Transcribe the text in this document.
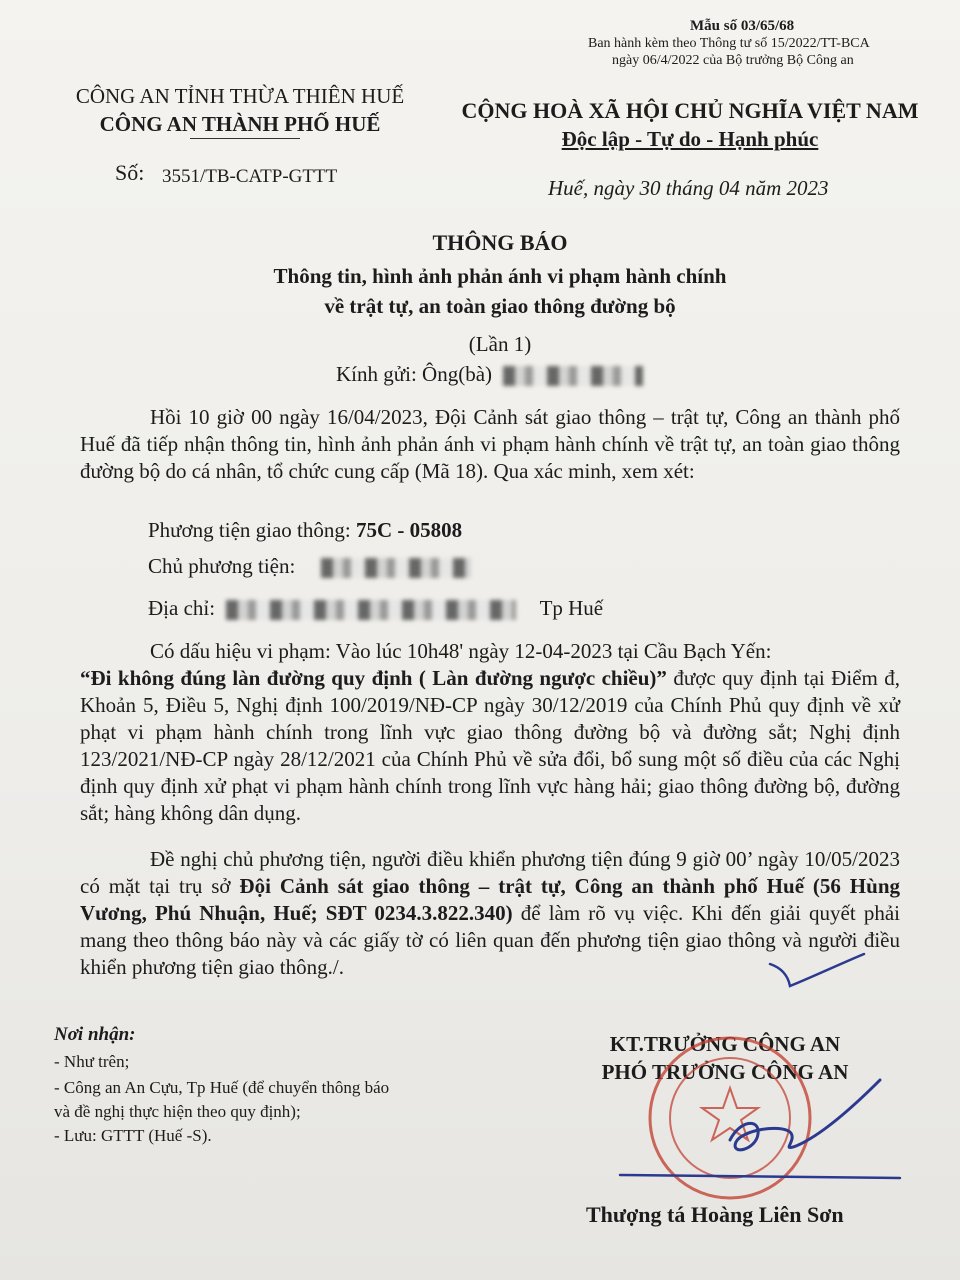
Mẫu số 03/65/68
Ban hành kèm theo Thông tư số 15/2022/TT-BCA
ngày 06/4/2022 của Bộ trưởng Bộ Công an
CÔNG AN TỈNH THỪA THIÊN HUẾ
CÔNG AN THÀNH PHỐ HUẾ
Số: 3551/TB-CATP-GTTT
CỘNG HOÀ XÃ HỘI CHỦ NGHĨA VIỆT NAM
Độc lập - Tự do - Hạnh phúc
Huế, ngày 30 tháng 04 năm 2023
THÔNG BÁO
Thông tin, hình ảnh phản ánh vi phạm hành chính
về trật tự, an toàn giao thông đường bộ
(Lần 1)
Kính gửi: Ông(bà)
Hồi 10 giờ 00 ngày 16/04/2023, Đội Cảnh sát giao thông – trật tự, Công an thành phố Huế đã tiếp nhận thông tin, hình ảnh phản ánh vi phạm hành chính về trật tự, an toàn giao thông đường bộ do cá nhân, tổ chức cung cấp (Mã 18). Qua xác minh, xem xét:
Phương tiện giao thông: 75C - 05808
Chủ phương tiện:
Địa chỉ:	Tp Huế
Có dấu hiệu vi phạm: Vào lúc 10h48' ngày 12-04-2023 tại Cầu Bạch Yến:
“Đi không đúng làn đường quy định ( Làn đường ngược chiều)” được quy định tại Điểm đ, Khoản 5, Điều 5, Nghị định 100/2019/NĐ-CP ngày 30/12/2019 của Chính Phủ quy định về xử phạt vi phạm hành chính trong lĩnh vực giao thông đường bộ và đường sắt; Nghị định 123/2021/NĐ-CP ngày 28/12/2021 của Chính Phủ về sửa đổi, bổ sung một số điều của các Nghị định quy định xử phạt vi phạm hành chính trong lĩnh vực hàng hải; giao thông đường bộ, đường sắt; hàng không dân dụng.
Đề nghị chủ phương tiện, người điều khiển phương tiện đúng 9 giờ 00’ ngày 10/05/2023 có mặt tại trụ sở Đội Cảnh sát giao thông – trật tự, Công an thành phố Huế (56 Hùng Vương, Phú Nhuận, Huế; SĐT 0234.3.822.340) để làm rõ vụ việc. Khi đến giải quyết phải mang theo thông báo này và các giấy tờ có liên quan đến phương tiện giao thông và người điều khiển phương tiện giao thông./.
Nơi nhận:
- Như trên;
- Công an An Cựu, Tp Huế (để chuyển thông báo
và đề nghị thực hiện theo quy định);
- Lưu: GTTT (Huế -S).
KT.TRƯỞNG CÔNG AN
PHÓ TRƯỞNG CÔNG AN
Thượng tá Hoàng Liên Sơn
